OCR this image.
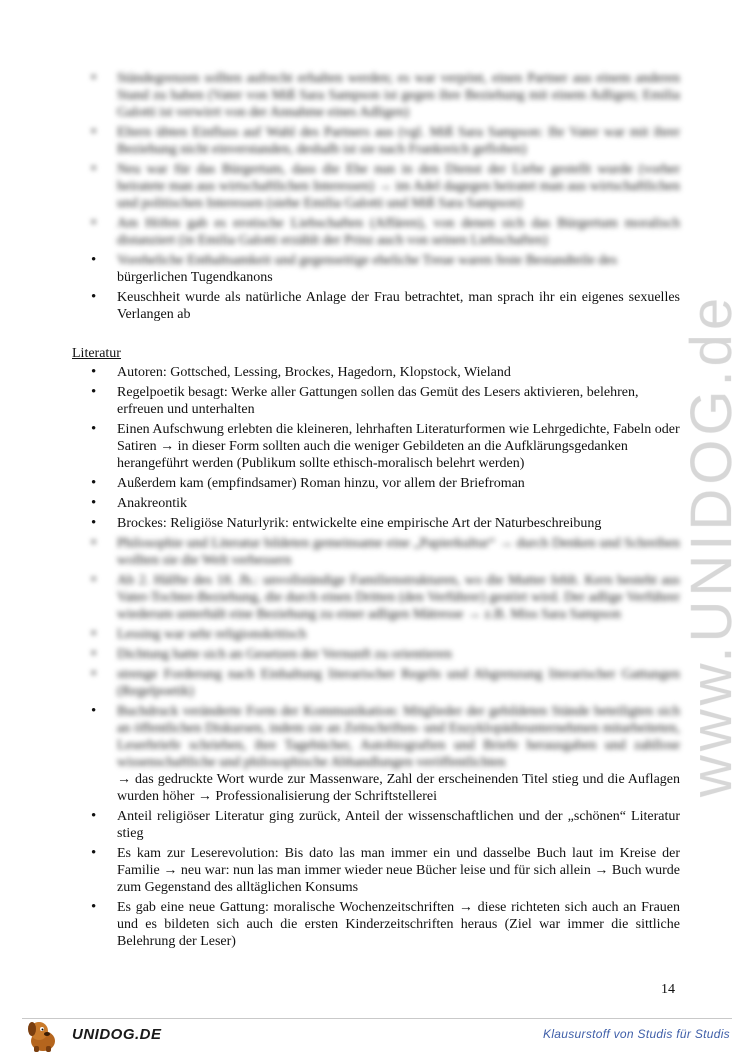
www.UNIDOG.de
• Ständegrenzen sollten aufrecht erhalten werden; es war verpönt, einen Partner aus einem anderen Stand zu haben (Vater von Miß Sara Sampson ist gegen ihre Beziehung mit einem Adligen; Emilia Galotti ist verwirrt von der Annahme eines Adligen)
• Eltern übten Einfluss auf Wahl des Partners aus (vgl. Miß Sara Sampson: Ihr Vater war mit ihrer Beziehung nicht einverstanden, deshalb ist sie nach Frankreich geflohen)
• Neu war für das Bürgertum, dass die Ehe nun in den Dienst der Liebe gestellt wurde (vorher heiratete man aus wirtschaftlichen Interessen) → im Adel dagegen heiratet man aus wirtschaftlichen und politischen Interessen (siehe Emilia Galotti und Miß Sara Sampson)
• Am Höfen gab es erotische Liebschaften (Affären), von denen sich das Bürgertum moralisch distanziert (in Emilia Galotti erzählt der Prinz auch von seinen Liebschaften)
• Voreheliche Enthaltsamkeit und gegenseitige eheliche Treue waren feste Bestandteile des
bürgerlichen Tugendkanons
• Keuschheit wurde als natürliche Anlage der Frau betrachtet, man sprach ihr ein eigenes sexuelles Verlangen ab
Literatur
• Autoren: Gottsched, Lessing, Brockes, Hagedorn, Klopstock, Wieland
• Regelpoetik besagt: Werke aller Gattungen sollen das Gemüt des Lesers aktivieren, belehren, erfreuen und unterhalten
• Einen Aufschwung erlebten die kleineren, lehrhaften Literaturformen wie Lehrgedichte, Fabeln oder Satiren → in dieser Form sollten auch die weniger Gebildeten an die Aufklärungsgedanken herangeführt werden (Publikum sollte ethisch-moralisch belehrt werden)
• Außerdem kam (empfindsamer) Roman hinzu, vor allem der Briefroman
• Anakreontik
• Brockes: Religiöse Naturlyrik: entwickelte eine empirische Art der Naturbeschreibung
• Philosophie und Literatur bildeten gemeinsame eine „Papierkultur“ → durch Denken und Schreiben wollten sie die Welt verbessern
• Ab 2. Hälfte des 18. Jh.: unvollständige Familienstrukturen, wo die Mutter fehlt. Kern besteht aus Vater-Tochter-Beziehung, die durch einen Dritten (den Verführer) gestört wird. Der adlige Verführer wiederum unterhält eine Beziehung zu einer adligen Mätresse → z.B. Miss Sara Sampson
• Lessing war sehr religionskritisch
• Dichtung hatte sich an Gesetzen der Vernunft zu orientieren
• strenge Forderung nach Einhaltung literarischer Regeln und Abgrenzung literarischer Gattungen (Regelpoetik)
• Buchdruck veränderte Form der Kommunikation: Mitglieder der gebildeten Stände beteiligten sich an öffentlichen Diskursen, indem sie an Zeitschriften- und Enzyklopädieunternehmen mitarbeiteten, Leserbriefe schrieben, ihre Tagebücher, Autobiografien und Briefe herausgaben und zahllose wissenschaftliche und philosophische Abhandlungen veröffentlichten
→ das gedruckte Wort wurde zur Massenware, Zahl der erscheinenden Titel stieg und die Auflagen wurden höher → Professionalisierung der Schriftstellerei
• Anteil religiöser Literatur ging zurück, Anteil der wissenschaftlichen und der „schönen“ Literatur stieg
• Es kam zur Leserevolution: Bis dato las man immer ein und dasselbe Buch laut im Kreise der Familie → neu war: nun las man immer wieder neue Bücher leise und für sich allein → Buch wurde zum Gegenstand des alltäglichen Konsums
• Es gab eine neue Gattung: moralische Wochenzeitschriften → diese richteten sich auch an Frauen und es bildeten sich auch die ersten Kinderzeitschriften heraus (Ziel war immer die sittliche Belehrung der Leser)
14
UNIDOG.DE	Klausurstoff von Studis für Studis
